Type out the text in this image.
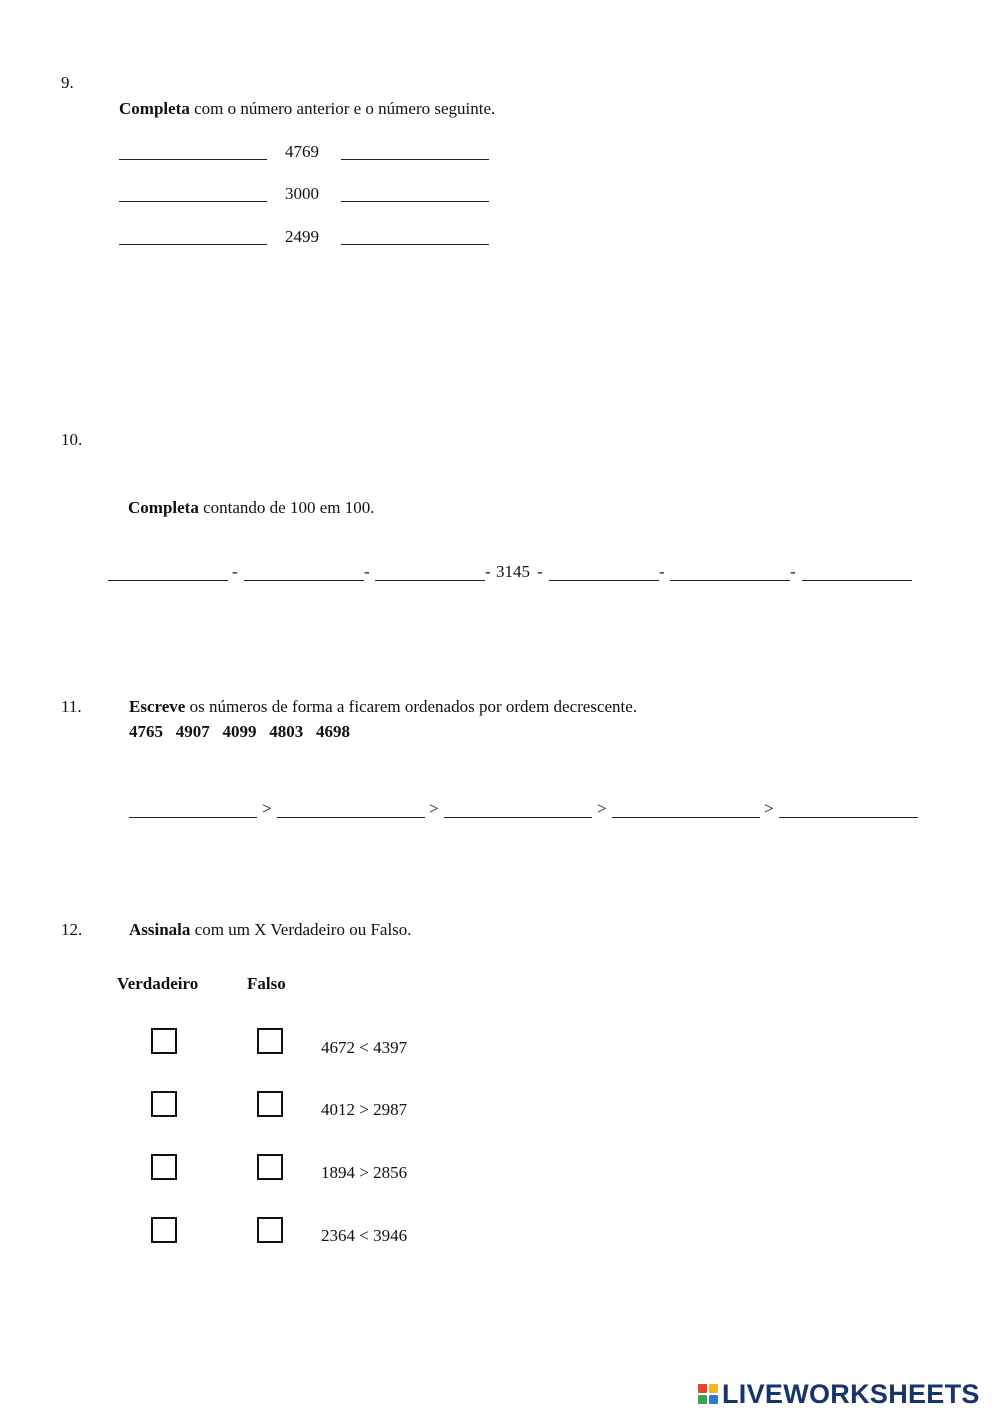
9.
Completa com o número anterior e o número seguinte.
4769
3000
2499
10.
Completa contando de 100 em 100.
-	-	- 3145 -	-	-
11.	Escreve os números de forma a ficarem ordenados por ordem decrescente.
4765 4907 4099 4803 4698
>	>	>	>
12.	Assinala com um X Verdadeiro ou Falso.
Verdadeiro	Falso
4672 < 4397
4012 > 2987
1894 > 2856
2364 < 3946
LIVEWORKSHEETS
